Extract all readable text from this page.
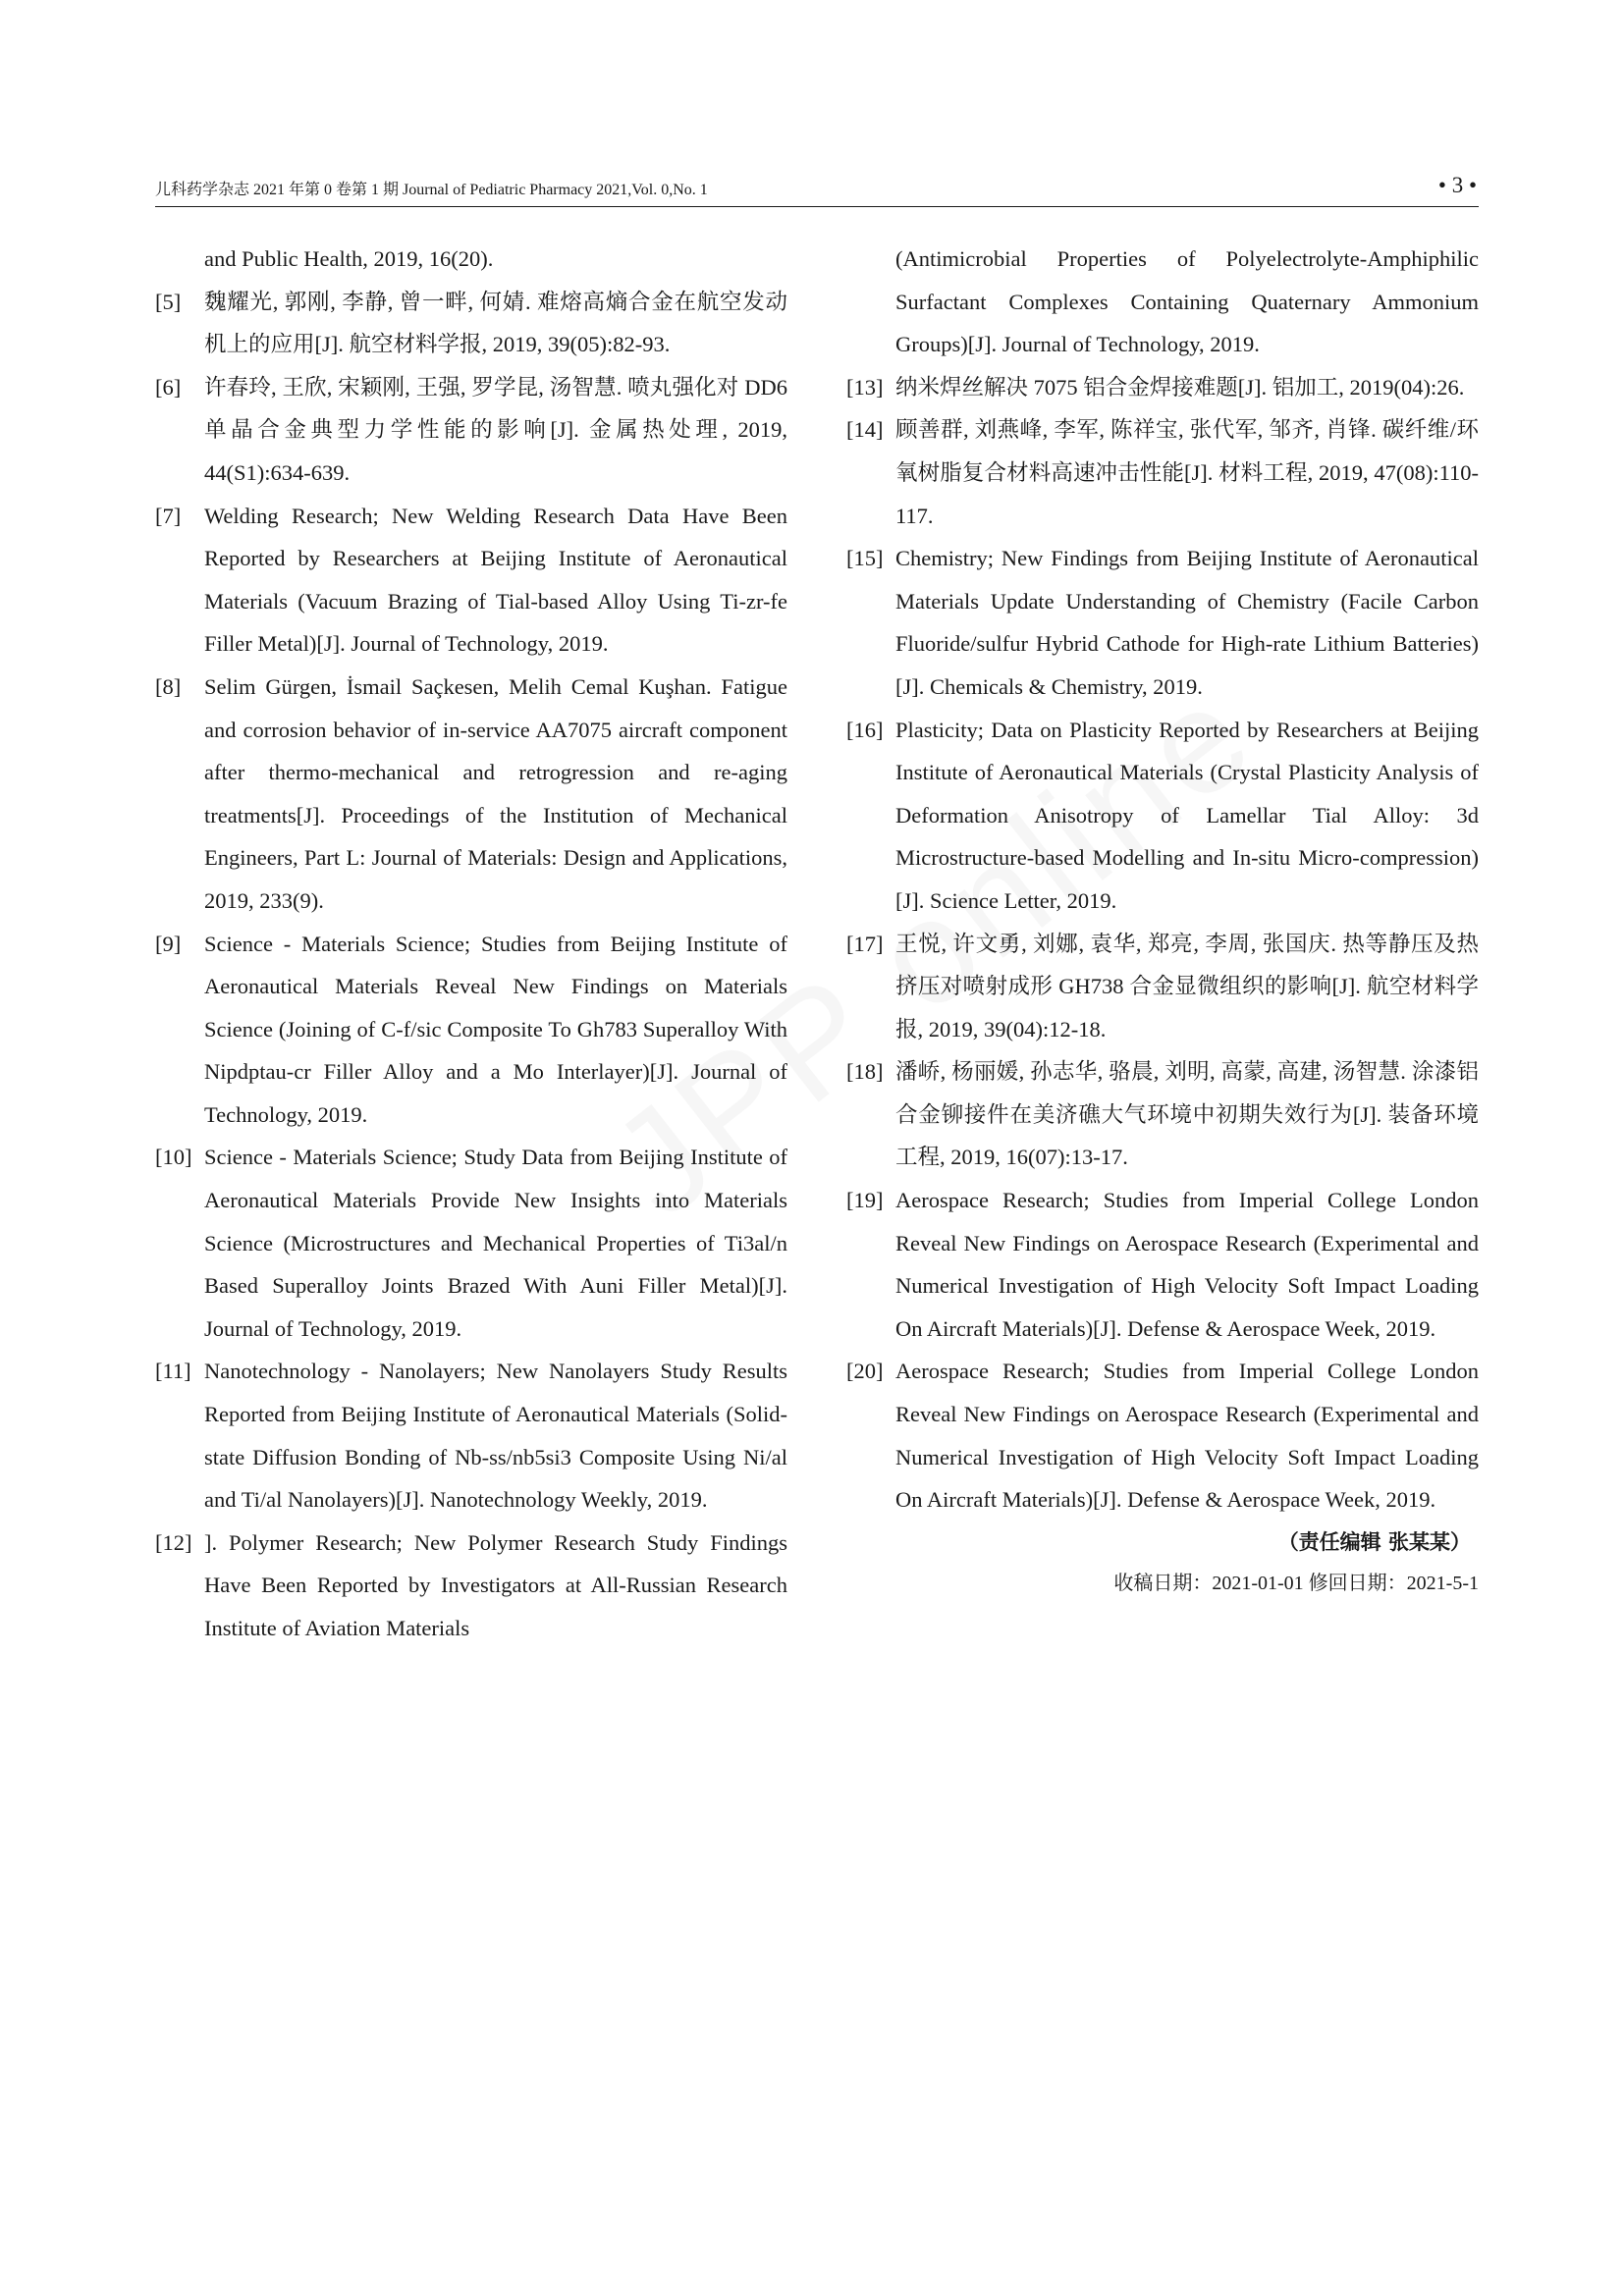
儿科药学杂志 2021 年第 0 卷第 1 期 Journal of Pediatric Pharmacy 2021,Vol. 0,No. 1	• 3 •
and Public Health, 2019, 16(20).
[5] 魏耀光, 郭刚, 李静, 曾一畔, 何婧. 难熔高熵合金在航空发动机上的应用[J]. 航空材料学报, 2019, 39(05):82-93.
[6] 许春玲, 王欣, 宋颖刚, 王强, 罗学昆, 汤智慧. 喷丸强化对 DD6 单晶合金典型力学性能的影响[J]. 金属热处理, 2019, 44(S1):634-639.
[7] Welding Research; New Welding Research Data Have Been Reported by Researchers at Beijing Institute of Aeronautical Materials (Vacuum Brazing of Tial-based Alloy Using Ti-zr-fe Filler Metal)[J]. Journal of Technology, 2019.
[8] Selim Gürgen, İsmail Saçkesen, Melih Cemal Kuşhan. Fatigue and corrosion behavior of in-service AA7075 aircraft component after thermo-mechanical and retrogression and re-aging treatments[J]. Proceedings of the Institution of Mechanical Engineers, Part L: Journal of Materials: Design and Applications, 2019, 233(9).
[9] Science - Materials Science; Studies from Beijing Institute of Aeronautical Materials Reveal New Findings on Materials Science (Joining of C-f/sic Composite To Gh783 Superalloy With Nipdptau-cr Filler Alloy and a Mo Interlayer)[J]. Journal of Technology, 2019.
[10] Science - Materials Science; Study Data from Beijing Institute of Aeronautical Materials Provide New Insights into Materials Science (Microstructures and Mechanical Properties of Ti3al/n Based Superalloy Joints Brazed With Auni Filler Metal)[J]. Journal of Technology, 2019.
[11] Nanotechnology - Nanolayers; New Nanolayers Study Results Reported from Beijing Institute of Aeronautical Materials (Solid-state Diffusion Bonding of Nb-ss/nb5si3 Composite Using Ni/al and Ti/al Nanolayers)[J]. Nanotechnology Weekly, 2019.
[12] ]. Polymer Research; New Polymer Research Study Findings Have Been Reported by Investigators at All-Russian Research Institute of Aviation Materials
(Antimicrobial Properties of Polyelectrolyte-Amphiphilic Surfactant Complexes Containing Quaternary Ammonium Groups)[J]. Journal of Technology, 2019.
[13] 纳米焊丝解决 7075 铝合金焊接难题[J]. 铝加工, 2019(04):26.
[14] 顾善群, 刘燕峰, 李军, 陈祥宝, 张代军, 邹齐, 肖锋. 碳纤维/环氧树脂复合材料高速冲击性能[J]. 材料工程, 2019, 47(08):110-117.
[15] Chemistry; New Findings from Beijing Institute of Aeronautical Materials Update Understanding of Chemistry (Facile Carbon Fluoride/sulfur Hybrid Cathode for High-rate Lithium Batteries)[J]. Chemicals & Chemistry, 2019.
[16] Plasticity; Data on Plasticity Reported by Researchers at Beijing Institute of Aeronautical Materials (Crystal Plasticity Analysis of Deformation Anisotropy of Lamellar Tial Alloy: 3d Microstructure-based Modelling and In-situ Micro-compression)[J]. Science Letter, 2019.
[17] 王悦, 许文勇, 刘娜, 袁华, 郑亮, 李周, 张国庆. 热等静压及热挤压对喷射成形 GH738 合金显微组织的影响[J]. 航空材料学报, 2019, 39(04):12-18.
[18] 潘峤, 杨丽媛, 孙志华, 骆晨, 刘明, 高蒙, 高建, 汤智慧. 涂漆铝合金铆接件在美济礁大气环境中初期失效行为[J]. 装备环境工程, 2019, 16(07):13-17.
[19] Aerospace Research; Studies from Imperial College London Reveal New Findings on Aerospace Research (Experimental and Numerical Investigation of High Velocity Soft Impact Loading On Aircraft Materials)[J]. Defense & Aerospace Week, 2019.
[20] Aerospace Research; Studies from Imperial College London Reveal New Findings on Aerospace Research (Experimental and Numerical Investigation of High Velocity Soft Impact Loading On Aircraft Materials)[J]. Defense & Aerospace Week, 2019.
（责任编辑 张某某）
收稿日期：2021-01-01 修回日期：2021-5-1
